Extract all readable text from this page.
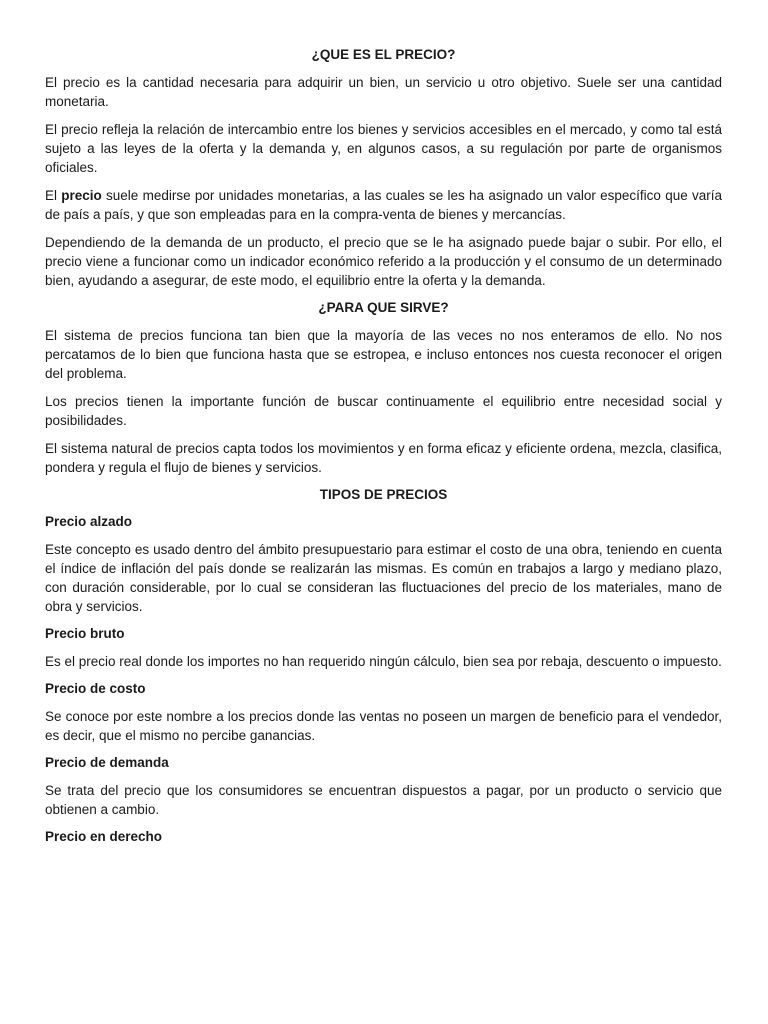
¿QUE ES EL PRECIO?

El precio es la cantidad necesaria para adquirir un bien, un servicio u otro objetivo. Suele ser una cantidad monetaria.

El precio refleja la relación de intercambio entre los bienes y servicios accesibles en el mercado, y como tal está sujeto a las leyes de la oferta y la demanda y, en algunos casos, a su regulación por parte de organismos oficiales.

El precio suele medirse por unidades monetarias, a las cuales se les ha asignado un valor específico que varía de país a país, y que son empleadas para en la compra-venta de bienes y mercancías.

Dependiendo de la demanda de un producto, el precio que se le ha asignado puede bajar o subir. Por ello, el precio viene a funcionar como un indicador económico referido a la producción y el consumo de un determinado bien, ayudando a asegurar, de este modo, el equilibrio entre la oferta y la demanda.

¿PARA QUE SIRVE?

El sistema de precios funciona tan bien que la mayoría de las veces no nos enteramos de ello. No nos percatamos de lo bien que funciona hasta que se estropea, e incluso entonces nos cuesta reconocer el origen del problema.

Los precios tienen la importante función de buscar continuamente el equilibrio entre necesidad social y posibilidades.

El sistema natural de precios capta todos los movimientos y en forma eficaz y eficiente ordena, mezcla, clasifica, pondera y regula el flujo de bienes y servicios.

TIPOS DE PRECIOS
Precio alzado

Este concepto es usado dentro del ámbito presupuestario para estimar el costo de una obra, teniendo en cuenta el índice de inflación del país donde se realizarán las mismas. Es común en trabajos a largo y mediano plazo, con duración considerable, por lo cual se consideran las fluctuaciones del precio de los materiales, mano de obra y servicios.

Precio bruto

Es el precio real donde los importes no han requerido ningún cálculo, bien sea por rebaja, descuento o impuesto.

Precio de costo

Se conoce por este nombre a los precios donde las ventas no poseen un margen de beneficio para el vendedor, es decir, que el mismo no percibe ganancias.

Precio de demanda

Se trata del precio que los consumidores se encuentran dispuestos a pagar, por un producto o servicio que obtienen a cambio.

Precio en derecho
